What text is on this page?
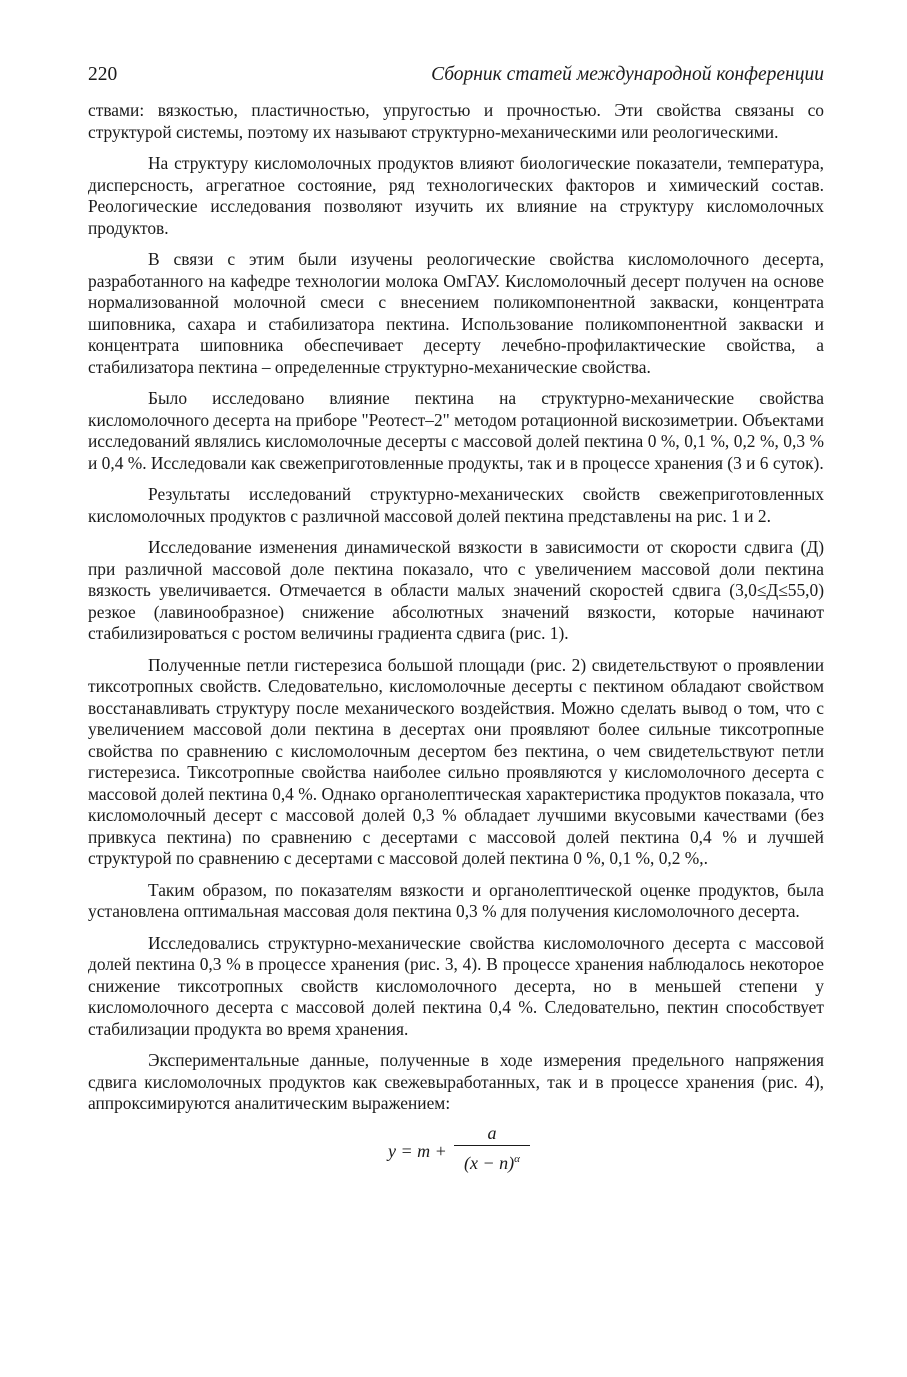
220	Сборник статей международной конференции

ствами: вязкостью, пластичностью, упругостью и прочностью. Эти свойства связаны со структурой системы, поэтому их называют структурно-механическими или реологическими.

На структуру кисломолочных продуктов влияют биологические показатели, температура, дисперсность, агрегатное состояние, ряд технологических факторов и химический состав. Реологические исследования позволяют изучить их влияние на структуру кисломолочных продуктов.

В связи с этим были изучены реологические свойства кисломолочного десерта, разработанного на кафедре технологии молока ОмГАУ. Кисломолочный десерт получен на основе нормализованной молочной смеси с внесением поликомпонентной закваски, концентрата шиповника, сахара и стабилизатора пектина. Использование поликомпонентной закваски и концентрата шиповника обеспечивает десерту лечебно-профилактические свойства, а стабилизатора пектина – определенные структурно-механические свойства.

Было исследовано влияние пектина на структурно-механические свойства кисломолочного десерта на приборе "Реотест–2" методом ротационной вискозиметрии. Объектами исследований являлись кисломолочные десерты с массовой долей пектина 0 %, 0,1 %, 0,2 %, 0,3 % и 0,4 %. Исследовали как свежеприготовленные продукты, так и в процессе хранения (3 и 6 суток).

Результаты исследований структурно-механических свойств свежеприготовленных кисломолочных продуктов с различной массовой долей пектина представлены на рис. 1 и 2.

Исследование изменения динамической вязкости в зависимости от скорости сдвига (Д) при различной массовой доле пектина показало, что с увеличением массовой доли пектина вязкость увеличивается. Отмечается в области малых значений скоростей сдвига (3,0≤Д≤55,0) резкое (лавинообразное) снижение абсолютных значений вязкости, которые начинают стабилизироваться с ростом величины градиента сдвига (рис. 1).

Полученные петли гистерезиса большой площади (рис. 2) свидетельствуют о проявлении тиксотропных свойств. Следовательно, кисломолочные десерты с пектином обладают свойством восстанавливать структуру после механического воздействия. Можно сделать вывод о том, что с увеличением массовой доли пектина в десертах они проявляют более сильные тиксотропные свойства по сравнению с кисломолочным десертом без пектина, о чем свидетельствуют петли гистерезиса. Тиксотропные свойства наиболее сильно проявляются у кисломолочного десерта с массовой долей пектина 0,4 %. Однако органолептическая характеристика продуктов показала, что кисломолочный десерт с массовой долей 0,3 % обладает лучшими вкусовыми качествами (без привкуса пектина) по сравнению с десертами с массовой долей пектина 0,4 % и лучшей структурой по сравнению с десертами с массовой долей пектина 0 %, 0,1 %, 0,2 %,.

Таким образом, по показателям вязкости и органолептической оценке продуктов, была установлена оптимальная массовая доля пектина 0,3 % для получения кисломолочного десерта.

Исследовались структурно-механические свойства кисломолочного десерта с массовой долей пектина 0,3 % в процессе хранения (рис. 3, 4). В процессе хранения наблюдалось некоторое снижение тиксотропных свойств кисломолочного десерта, но в меньшей степени у кисломолочного десерта с массовой долей пектина 0,4 %. Следовательно, пектин способствует стабилизации продукта во время хранения.

Экспериментальные данные, полученные в ходе измерения предельного напряжения сдвига кисломолочных продуктов как свежевыработанных, так и в процессе хранения (рис. 4), аппроксимируются аналитическим выражением:

y = m +
a
$(x - n)^\alpha$
